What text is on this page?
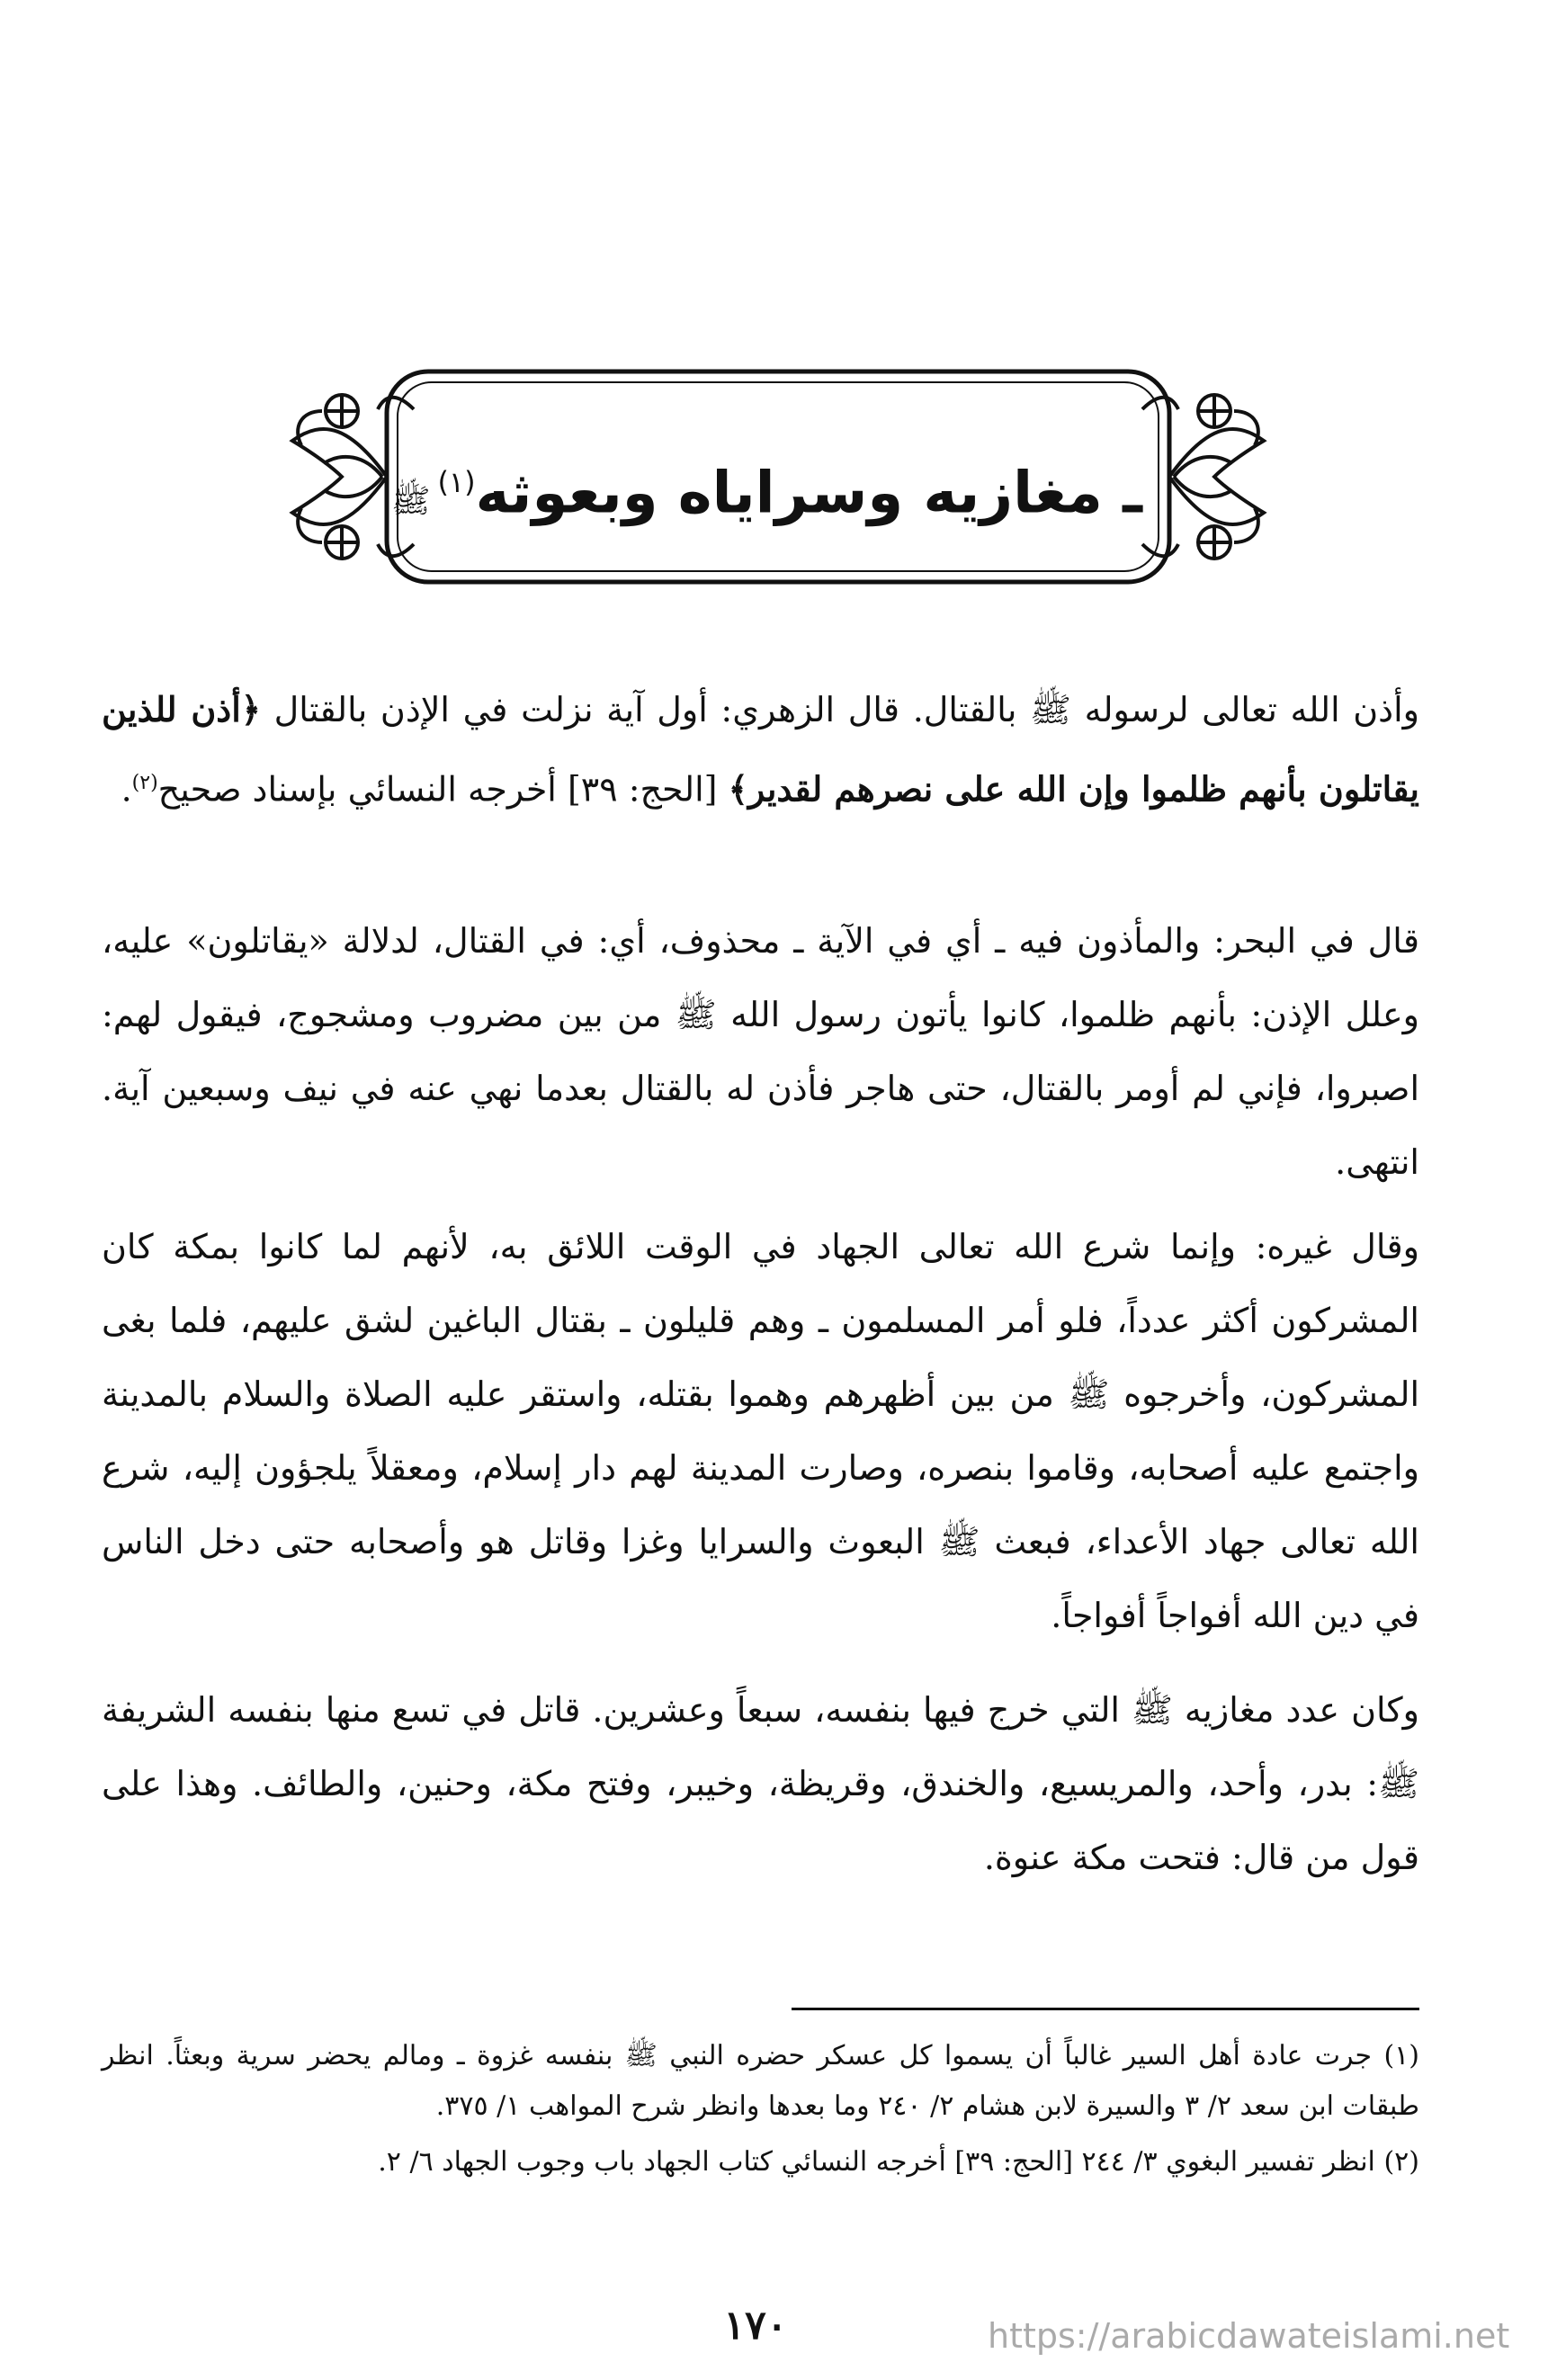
ـ مغازيه وسراياه وبعوثه$^{(١)}$ﷺ

وأذن الله تعالى لرسوله ﷺ بالقتال. قال الزهري: أول آية نزلت في الإذن بالقتال ﴿أذن للذين يقاتلون بأنهم ظلموا وإن الله على نصرهم لقدير﴾ [الحج: ٣٩] أخرجه النسائي بإسناد صحيح$^{(٢)}$.

قال في البحر: والمأذون فيه ـ أي في الآية ـ محذوف، أي: في القتال، لدلالة «يقاتلون» عليه، وعلل الإذن: بأنهم ظلموا، كانوا يأتون رسول الله ﷺ من بين مضروب ومشجوج، فيقول لهم: اصبروا، فإني لم أومر بالقتال، حتى هاجر فأذن له بالقتال بعدما نهي عنه في نيف وسبعين آية. انتهى.

وقال غيره: وإنما شرع الله تعالى الجهاد في الوقت اللائق به، لأنهم لما كانوا بمكة كان المشركون أكثر عدداً، فلو أمر المسلمون ـ وهم قليلون ـ بقتال الباغين لشق عليهم، فلما بغى المشركون، وأخرجوه ﷺ من بين أظهرهم وهموا بقتله، واستقر عليه الصلاة والسلام بالمدينة واجتمع عليه أصحابه، وقاموا بنصره، وصارت المدينة لهم دار إسلام، ومعقلاً يلجؤون إليه، شرع الله تعالى جهاد الأعداء، فبعث ﷺ البعوث والسرايا وغزا وقاتل هو وأصحابه حتى دخل الناس في دين الله أفواجاً أفواجاً.

وكان عدد مغازيه ﷺ التي خرج فيها بنفسه، سبعاً وعشرين. قاتل في تسع منها بنفسه الشريفة ﷺ: بدر، وأحد، والمريسيع، والخندق، وقريظة، وخيبر، وفتح مكة، وحنين، والطائف. وهذا على قول من قال: فتحت مكة عنوة.

(١) جرت عادة أهل السير غالباً أن يسموا كل عسكر حضره النبي ﷺ بنفسه غزوة ـ ومالم يحضر سرية وبعثاً. انظر طبقات ابن سعد ٢/ ٣ والسيرة لابن هشام ٢/ ٢٤٠ وما بعدها وانظر شرح المواهب ١/ ٣٧٥.

(٢) انظر تفسير البغوي ٣/ ٢٤٤ [الحج: ٣٩] أخرجه النسائي كتاب الجهاد باب وجوب الجهاد ٦/ ٢.

١٧٠	https://arabicdawateislami.net
